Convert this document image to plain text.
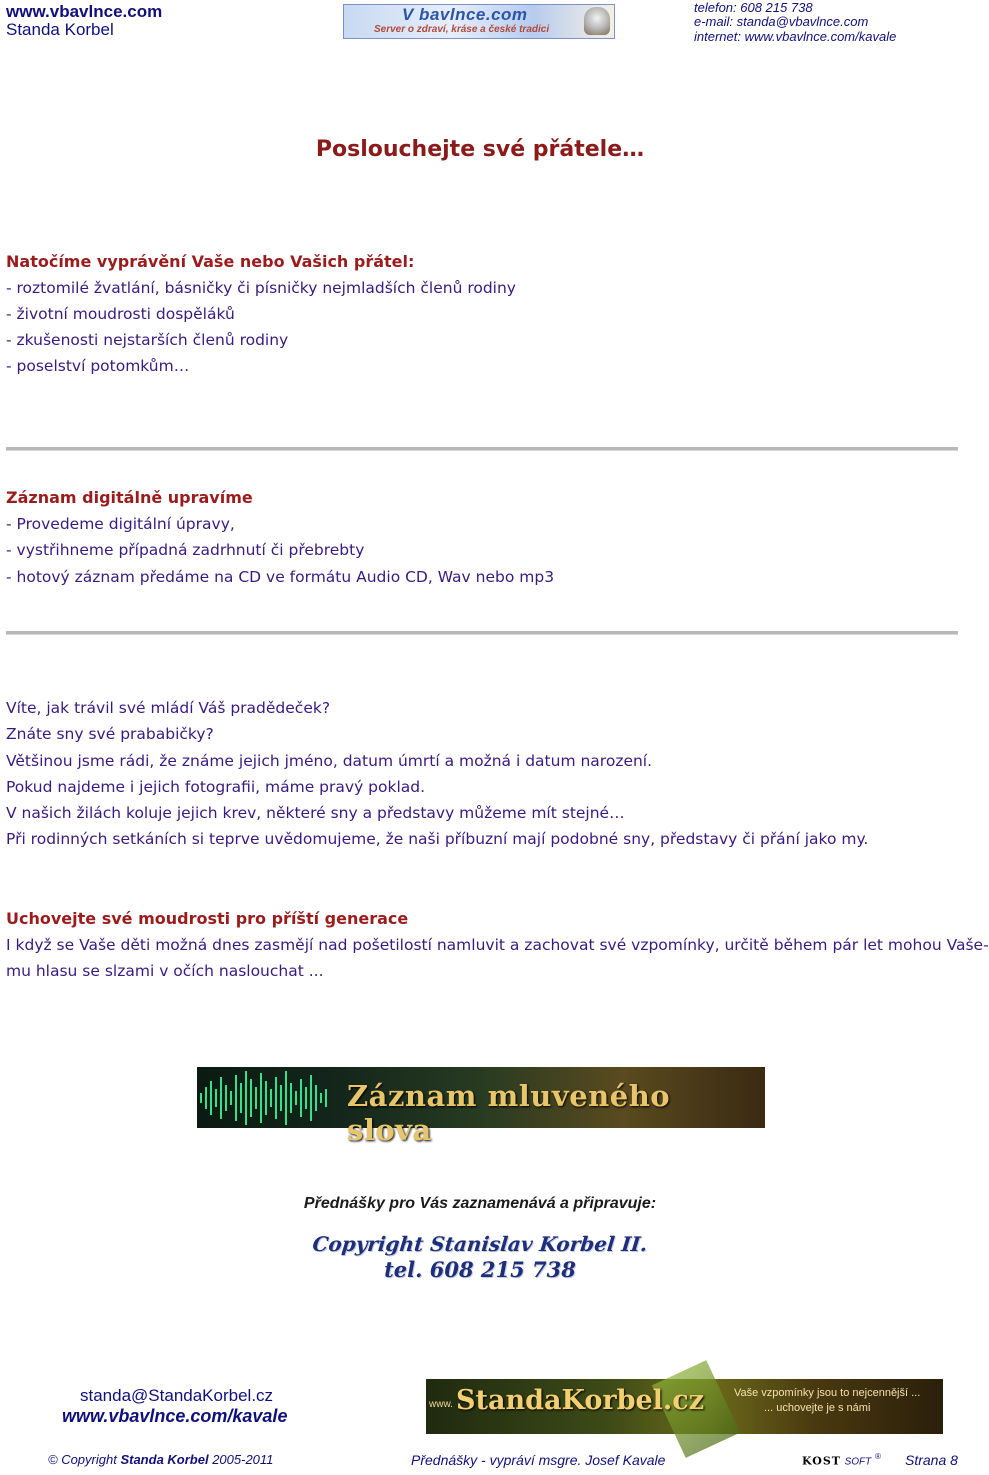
www.vbavlnce.com
Standa Korbel
V bavlnce.com
Server o zdraví, kráse a české tradici
telefon: 608 215 738
e-mail: standa@vbavlnce.com
internet: www.vbavlnce.com/kavale
Poslouchejte své přátele…
Natočíme vyprávění Vaše nebo Vašich přátel:
- roztomilé žvatlání, básničky či písničky nejmladších členů rodiny
- životní moudrosti dospěláků
- zkušenosti nejstarších členů rodiny
- poselství potomkům…
Záznam digitálně upravíme
- Provedeme digitální úpravy,
- vystřihneme případná zadrhnutí či přebrebty
- hotový záznam předáme na CD ve formátu Audio CD, Wav nebo mp3
Víte, jak trávil své mládí Váš pradědeček?
Znáte sny své prababičky?
Většinou jsme rádi, že známe jejich jméno, datum úmrtí a možná i datum narození.
Pokud najdeme i jejich fotografii, máme pravý poklad.
V našich žilách koluje jejich krev, některé sny a představy můžeme mít stejné…
Při rodinných setkáních si teprve uvědomujeme, že naši příbuzní mají podobné sny, představy či přání jako my.
Uchovejte své moudrosti pro příští generace
I když se Vaše děti možná dnes zasmějí nad pošetilostí namluvit a zachovat své vzpomínky, určitě během pár let mohou Vaše-
mu hlasu se slzami v očích naslouchat ...
Záznam mluveného slova
Přednášky pro Vás zaznamenává a připravuje:
Copyright Stanislav Korbel II.
tel. 608 215 738
standa@StandaKorbel.cz
www.vbavlnce.com/kavale
www. StandaKorbel.cz	Vaše vzpomínky jsou to nejcennější ...
... uchovejte je s námi
© Copyright Standa Korbel 2005-2011	Přednášky - vypráví msgre. Josef Kavale	KOST SOFT ® Strana 8
